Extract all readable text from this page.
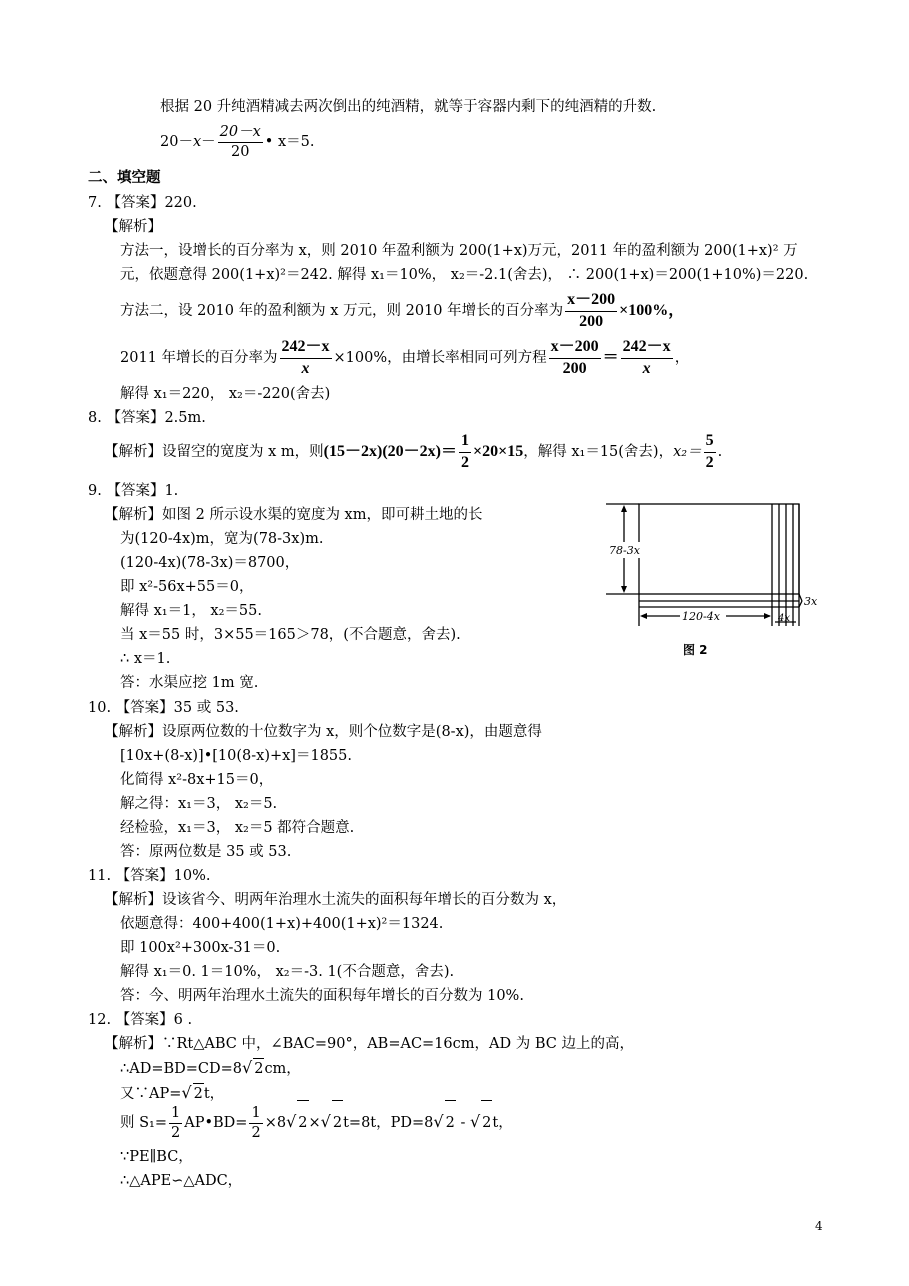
根据 20 升纯酒精减去两次倒出的纯酒精，就等于容器内剩下的纯酒精的升数.
$20-x- \frac{20-x}{20}$ • x＝5.
二、填空题
7. 【答案】220.
【解析】
方法一，设增长的百分率为 x，则 2010 年盈利额为 200(1+x)万元，2011 年的盈利额为 200(1+x)² 万
元，依题意得 200(1+x)²＝242. 解得 x₁＝10%， x₂＝-2.1(舍去)， ∴ 200(1+x)＝200(1+10%)＝220.
方法二，设 2010 年的盈利额为 x 万元，则 2010 年增长的百分率为 $\frac{x-200}{200} \times 100\%$，
2011 年增长的百分率为 $\frac{242-x}{x} \times 100\%$，由增长率相同可列方程 $\frac{x-200}{200} = \frac{242-x}{x}$ ，
解得 x₁＝220， x₂＝-220(舍去)
8. 【答案】2.5m.
【解析】设留空的宽度为 x m，则$(15-2x)(20-2x)= \frac{1}{2} \times 20\times 15$，解得 x₁＝15(舍去)，$x_2= \frac{5}{2}$ .
9. 【答案】1.
【解析】如图 2 所示设水渠的宽度为 xm，即可耕土地的长
为(120-4x)m，宽为(78-3x)m.
(120-4x)(78-3x)＝8700，
即 x²-56x+55＝0，
解得 x₁＝1， x₂＝55.
当 x＝55 时，3×55＝165＞78，(不合题意，舍去).
∴ x＝1.
答：水渠应挖 1m 宽.
78-3x
120-4x
3x
4x
图 2
10. 【答案】35 或 53.
【解析】设原两位数的十位数字为 x，则个位数字是(8-x)，由题意得
[10x+(8-x)]•[10(8-x)+x]＝1855.
化简得 x²-8x+15＝0，
解之得：x₁＝3， x₂＝5.
经检验，x₁＝3， x₂＝5 都符合题意.
答：原两位数是 35 或 53.
11. 【答案】10%.
【解析】设该省今、明两年治理水土流失的面积每年增长的百分数为 x，
依题意得：400+400(1+x)+400(1+x)²＝1324.
即 100x²+300x-31＝0.
解得 x₁＝0. 1＝10%， x₂＝-3. 1(不合题意，舍去).
答：今、明两年治理水土流失的面积每年增长的百分数为 10%.
12. 【答案】6 .
【解析】∵Rt△ABC 中，∠BAC=90°，AB=AC=16cm，AD 为 BC 边上的高，
∴AD=BD=CD=8√ 2cm，
又∵AP=√ 2t，
则 $S_1= \frac{1}{2}$ AP•BD= $\frac{1}{2} \times 8√$ 2×√ 2t=8t，PD=8√ 2 - √ 2t，
∵PE∥BC，
∴△APE∽△ADC，
4
